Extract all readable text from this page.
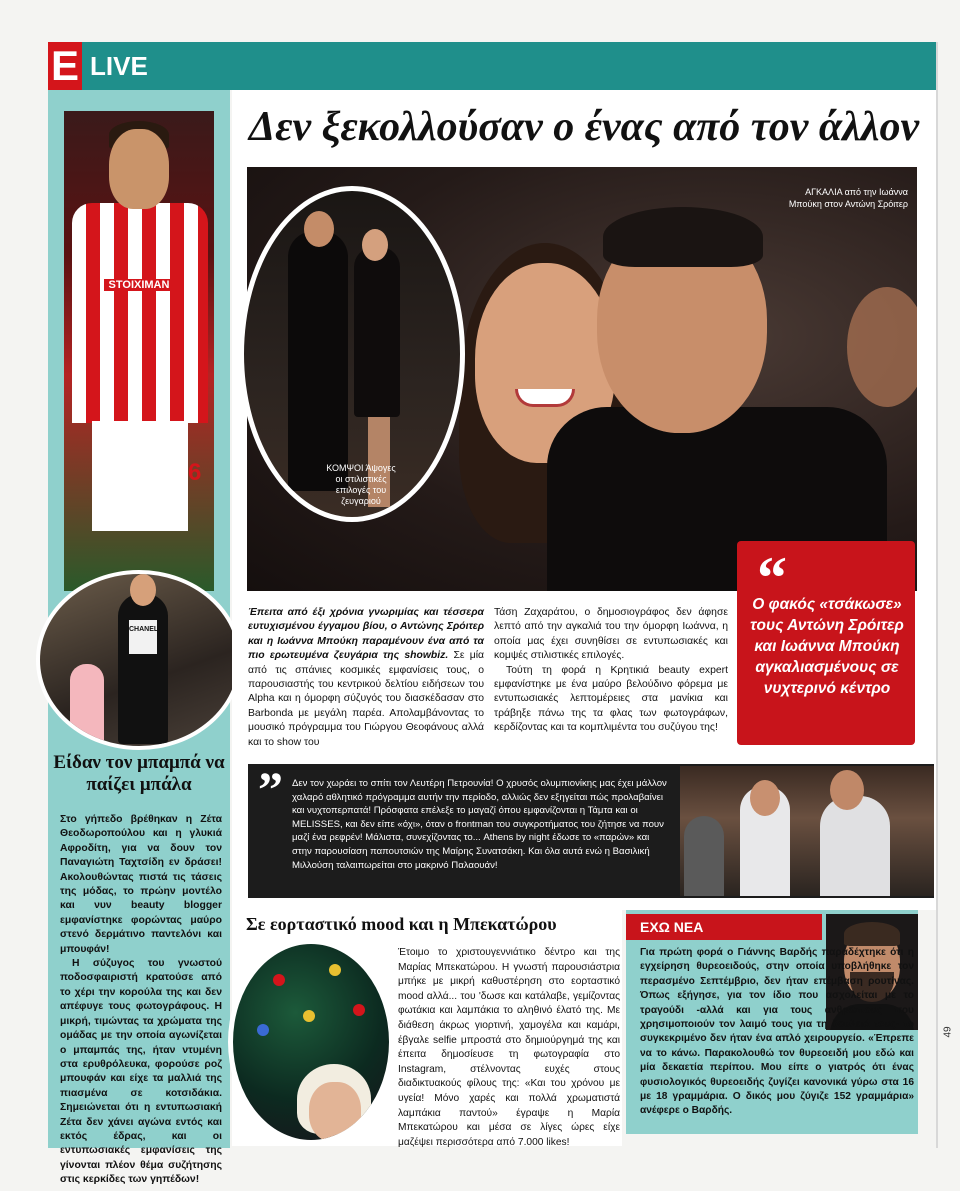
E LIVE
STOIXIMAN
6
CHANEL
Είδαν τον μπαμπά να παίζει μπάλα

Στο γήπεδο βρέθηκαν η Ζέτα Θεοδωροπούλου και η γλυκιά Αφροδίτη, για να δουν τον Παναγιώτη Ταχτσίδη εν δράσει! Ακολουθώντας πιστά τις τάσεις της μόδας, το πρώην μοντέλο και νυν beauty blogger εμφανίστηκε φορώντας μαύρο στενό δερμάτινο παντελόνι και μπουφάν!

Η σύζυγος του γνωστού ποδοσφαιριστή κρατούσε από το χέρι την κορούλα της και δεν απέφυγε τους φωτογράφους. Η μικρή, τιμώντας τα χρώματα της ομάδας με την οποία αγωνίζεται ο μπαμπάς της, ήταν ντυμένη στα ερυθρόλευκα, φορούσε ροζ μπουφάν και είχε τα μαλλιά της πιασμένα σε κοτσιδάκια. Σημειώνεται ότι η εντυπωσιακή Ζέτα δεν χάνει αγώνα εντός και εκτός έδρας, και οι εντυπωσιακές εμφανίσεις της γίνονται πλέον θέμα συζήτησης στις κερκίδες των γηπέδων!

Δεν ξεκολλούσαν ο ένας από τον άλλον
ΑΓΚΑΛΙΑ από την Ιωάννα Μπούκη στον Αντώνη Σρόιτερ
ΚΟΜΨΟΙ Άψογες οι στιλιστικές επιλογές του ζευγαριού
“
Ο φακός «τσάκωσε» τους Αντώνη Σρόιτερ και Ιωάννα Μπούκη αγκαλιασμένους σε νυχτερινό κέντρο
Έπειτα από έξι χρόνια γνωριμίας και τέσσερα ευτυχισμένου έγγαμου βίου, ο Αντώνης Σρόιτερ και η Ιωάννα Μπούκη παραμένουν ένα από τα πιο ερωτευμένα ζευγάρια της showbiz. Σε μία από τις σπάνιες κοσμικές εμφανίσεις τους, ο παρουσιαστής του κεντρικού δελτίου ειδήσεων του Alpha και η όμορφη σύζυγός του διασκέδασαν στο Barbonda με μεγάλη παρέα. Απολαμβάνοντας το μουσικό πρόγραμμα του Γιώργου Θεοφάνους αλλά και το show του

Τάση Ζαχαράτου, ο δημοσιογράφος δεν άφησε λεπτό από την αγκαλιά του την όμορφη Ιωάννα, η οποία μας έχει συνηθίσει σε εντυπωσιακές και κομψές στιλιστικές επιλογές.

Τούτη τη φορά η Κρητικιά beauty expert εμφανίστηκε με ένα μαύρο βελούδινο φόρεμα με εντυπωσιακές λεπτομέρειες στα μανίκια και τράβηξε πάνω της τα φλας των φωτογράφων, κερδίζοντας και τα κομπλιμέντα του συζύγου της!

” Δεν τον χωράει το σπίτι τον Λευτέρη Πετρουνία! Ο χρυσός ολυμπιονίκης μας έχει μάλλον χαλαρό αθλητικό πρόγραμμα αυτήν την περίοδο, αλλιώς δεν εξηγείται πώς προλαβαίνει και νυχτοπερπατά! Πρόσφατα επέλεξε το μαγαζί όπου εμφανίζονται η Τάμτα και οι MELISSES, και δεν είπε «όχι», όταν ο frontman του συγκροτήματος του ζήτησε να πουν μαζί ένα ρεφρέν! Μάλιστα, συνεχίζοντας το... Athens by night έδωσε το «παρών» και στην παρουσίαση παπουτσιών της Μαίρης Συνατσάκη. Και όλα αυτά ενώ η Βασιλική Μιλλούση ταλαιπωρείται στο μακρινό Παλαουάν!
Σε εορταστικό mood και η Μπεκατώρου
Έτοιμο το χριστουγεννιάτικο δέντρο και της Μαρίας Μπεκατώρου. Η γνωστή παρουσιάστρια μπήκε με μικρή καθυστέρηση στο εορταστικό mood αλλά... του 'δωσε και κατάλαβε, γεμίζοντας φωτάκια και λαμπάκια το αληθινό έλατό της. Με διάθεση άκρως γιορτινή, χαμογέλα και καμάρι, έβγαλε selfie μπροστά στο δημιούργημά της και έπειτα δημοσίευσε τη φωτογραφία στο Instagram, στέλνοντας ευχές στους διαδικτυακούς φίλους της: «Και του χρόνου με υγεία! Μόνο χαρές και πολλά χρωματιστά λαμπάκια παντού» έγραψε η Μαρία Μπεκατώρου και μέσα σε λίγες ώρες είχε μαζέψει περισσότερα από 7.000 likes!
ΕΧΩ ΝΕΑ
Για πρώτη φορά ο Γιάννης Βαρδής παραδέχτηκε ότι η εγχείρηση θυρεοειδούς, στην οποία υποβλήθηκε τον περασμένο Σεπτέμβριο, δεν ήταν επέμβαση ρουτίνας. Όπως εξήγησε, για τον ίδιο που ασχολείται με το τραγούδι -αλλά και για τους ανθρώπους που χρησιμοποιούν τον λαιμό τους για τη δουλειά τους- το συγκεκριμένο δεν ήταν ένα απλό χειρουργείο. «Έπρεπε να το κάνω. Παρακολουθώ τον θυρεοειδή μου εδώ και μία δεκαετία περίπου. Μου είπε ο γιατρός ότι ένας φυσιολογικός θυρεοειδής ζυγίζει κανονικά γύρω στα 16 με 18 γραμμάρια. Ο δικός μου ζύγιζε 152 γραμμάρια» ανέφερε ο Βαρδής.
49
